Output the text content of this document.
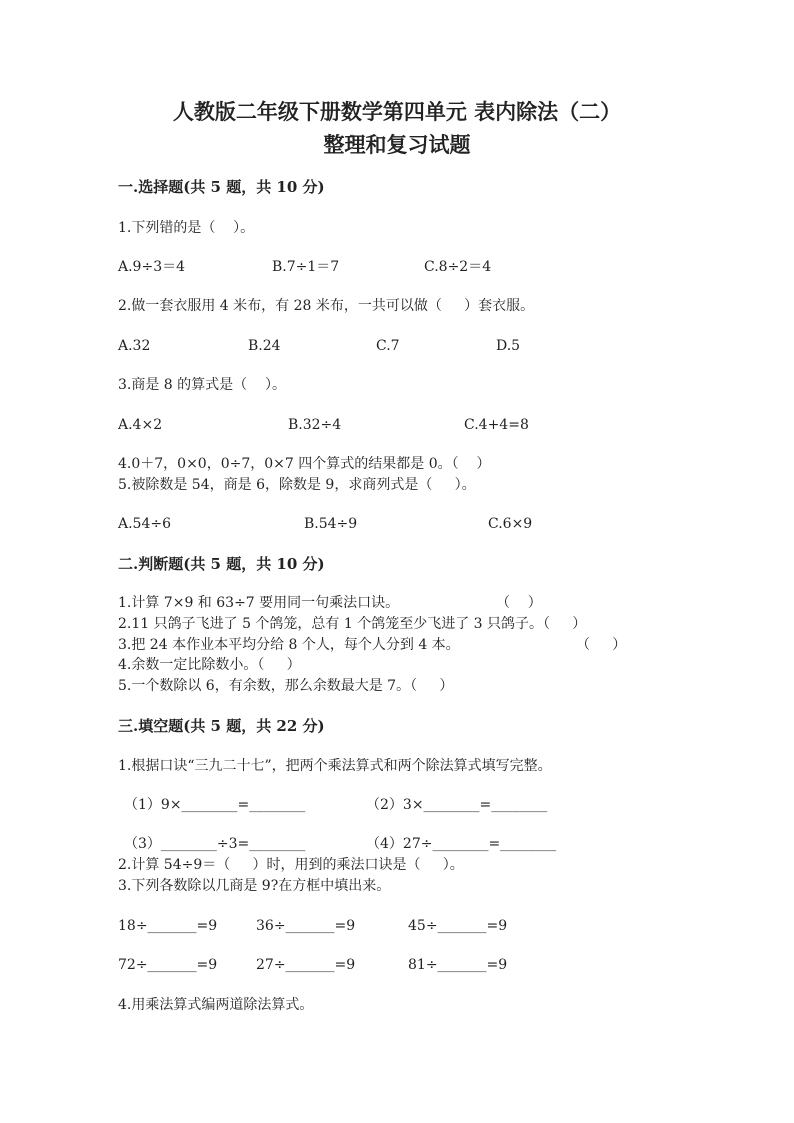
人教版二年级下册数学第四单元 表内除法（二）
整理和复习试题
一.选择题(共 5 题，共 10 分)
1.下列错的是（    ）。
A.9÷3＝4	B.7÷1＝7	C.8÷2＝4
2.做一套衣服用 4 米布，有 28 米布，一共可以做（     ）套衣服。
A.32	B.24	C.7	D.5
3.商是 8 的算式是（    ）。
A.4×2	B.32÷4	C.4+4=8
4.0＋7，0×0，0÷7，0×7 四个算式的结果都是 0。（    ）
5.被除数是 54，商是 6，除数是 9，求商列式是（     ）。
A.54÷6	B.54÷9	C.6×9
二.判断题(共 5 题，共 10 分)
1.计算 7×9 和 63÷7 要用同一句乘法口诀。	（    ）
2.11 只鸽子飞进了 5 个鸽笼，总有 1 个鸽笼至少飞进了 3 只鸽子。（     ）
3.把 24 本作业本平均分给 8 个人，每个人分到 4 本。	（     ）
4.余数一定比除数小。（     ）
5.一个数除以 6，有余数，那么余数最大是 7。（     ）
三.填空题(共 5 题，共 22 分)
1.根据口诀“三九二十七”，把两个乘法算式和两个除法算式填写完整。
（1）9×________=________	（2）3×________=________
（3）________÷3=________	（4）27÷________=________
2.计算 54÷9＝（     ）时，用到的乘法口诀是（     ）。
3.下列各数除以几商是 9?在方框中填出来。
18÷_______=9	36÷_______=9	45÷_______=9
72÷_______=9	27÷_______=9	81÷_______=9
4.用乘法算式编两道除法算式。
